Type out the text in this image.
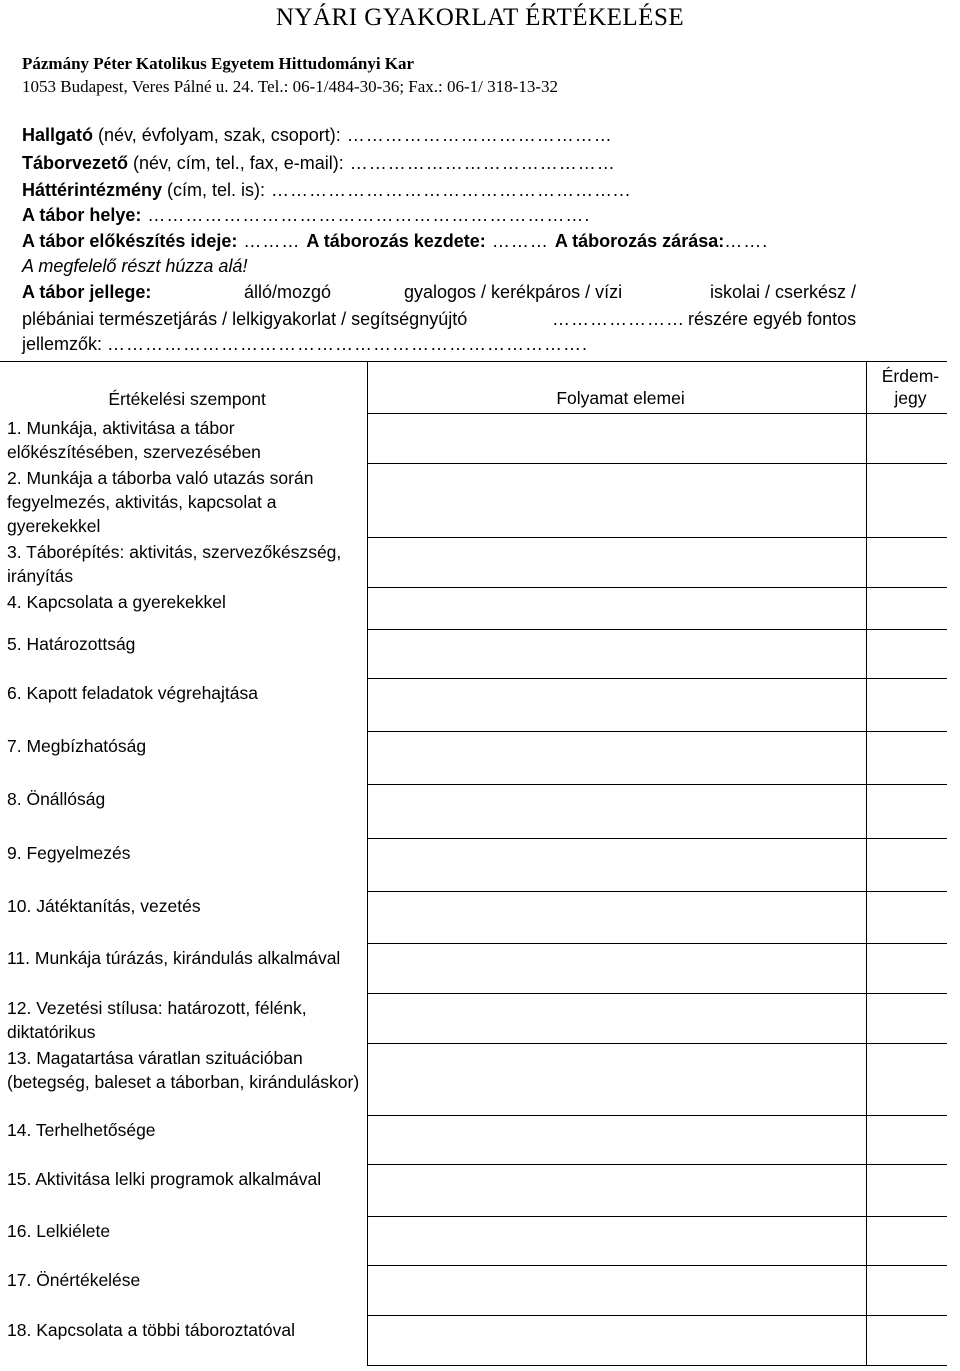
NYÁRI GYAKORLAT ÉRTÉKELÉSE
Pázmány Péter Katolikus Egyetem Hittudományi Kar
1053 Budapest, Veres Pálné u. 24. Tel.: 06-1/484-30-36; Fax.: 06-1/ 318-13-32
Hallgató (név, évfolyam, szak, csoport): ……………………………………
Táborvezető (név, cím, tel., fax, e-mail): ……………………………………
Háttérintézmény (cím, tel. is): ………………………………………………...
A tábor helye: …………………………………………………………….
A tábor előkészítés ideje: ……… A táborozás kezdete: ……… A táborozás zárása:…….
A megfelelő részt húzza alá!
A tábor jellege:	álló/mozgó	gyalogos / kerékpáros / vízi	iskolai / cserkész /
plébániai természetjárás / lelkigyakorlat / segítségnyújtó	………………… részére egyéb fontos
jellemzők: ………………………………………………………………….
Értékelési szempont	Folyamat elemei	Érdem-jegy
1. Munkája, aktivitása a tábor előkészítésében, szervezésében		
2. Munkája a táborba való utazás során fegyelmezés, aktivitás, kapcsolat a gyerekekkel		
3. Táborépítés: aktivitás, szervezőkészség, irányítás		
4. Kapcsolata a gyerekekkel		
5. Határozottság		
6. Kapott feladatok végrehajtása		
7. Megbízhatóság		
8. Önállóság		
9. Fegyelmezés		
10. Játéktanítás, vezetés		
11. Munkája túrázás, kirándulás alkalmával		
12. Vezetési stílusa: határozott, félénk, diktatórikus		
13. Magatartása váratlan szituációban (betegség, baleset a táborban, kiránduláskor)		
14. Terhelhetősége		
15. Aktivitása lelki programok alkalmával		
16. Lelkiélete		
17. Önértékelése		
18. Kapcsolata a többi táboroztatóval		
